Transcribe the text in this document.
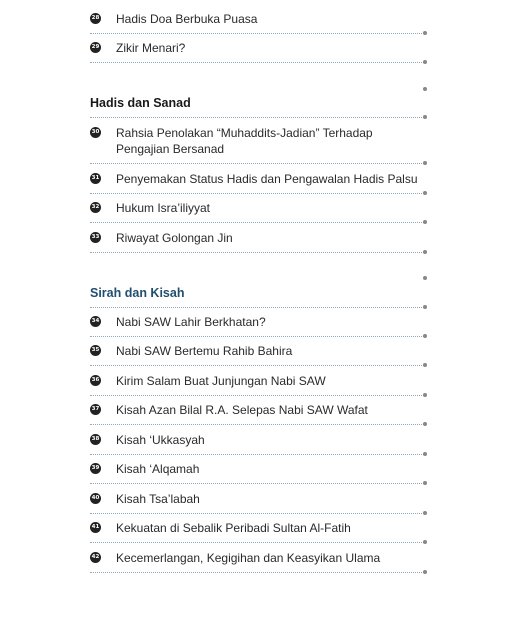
28 Hadis Doa Berbuka Puasa
29 Zikir Menari?
Hadis dan Sanad
30 Rahsia Penolakan “Muhaddits-Jadian” Terhadap Pengajian Bersanad
31 Penyemakan Status Hadis dan Pengawalan Hadis Palsu
32 Hukum Isra’iliyyat
33 Riwayat Golongan Jin
Sirah dan Kisah
34 Nabi SAW Lahir Berkhatan?
35 Nabi SAW Bertemu Rahib Bahira
36 Kirim Salam Buat Junjungan Nabi SAW
37 Kisah Azan Bilal R.A. Selepas Nabi SAW Wafat
38 Kisah ‘Ukkasyah
39 Kisah ‘Alqamah
40 Kisah Tsa’labah
41 Kekuatan di Sebalik Peribadi Sultan Al-Fatih
42 Kecemerlangan, Kegigihan dan Keasyikan Ulama
